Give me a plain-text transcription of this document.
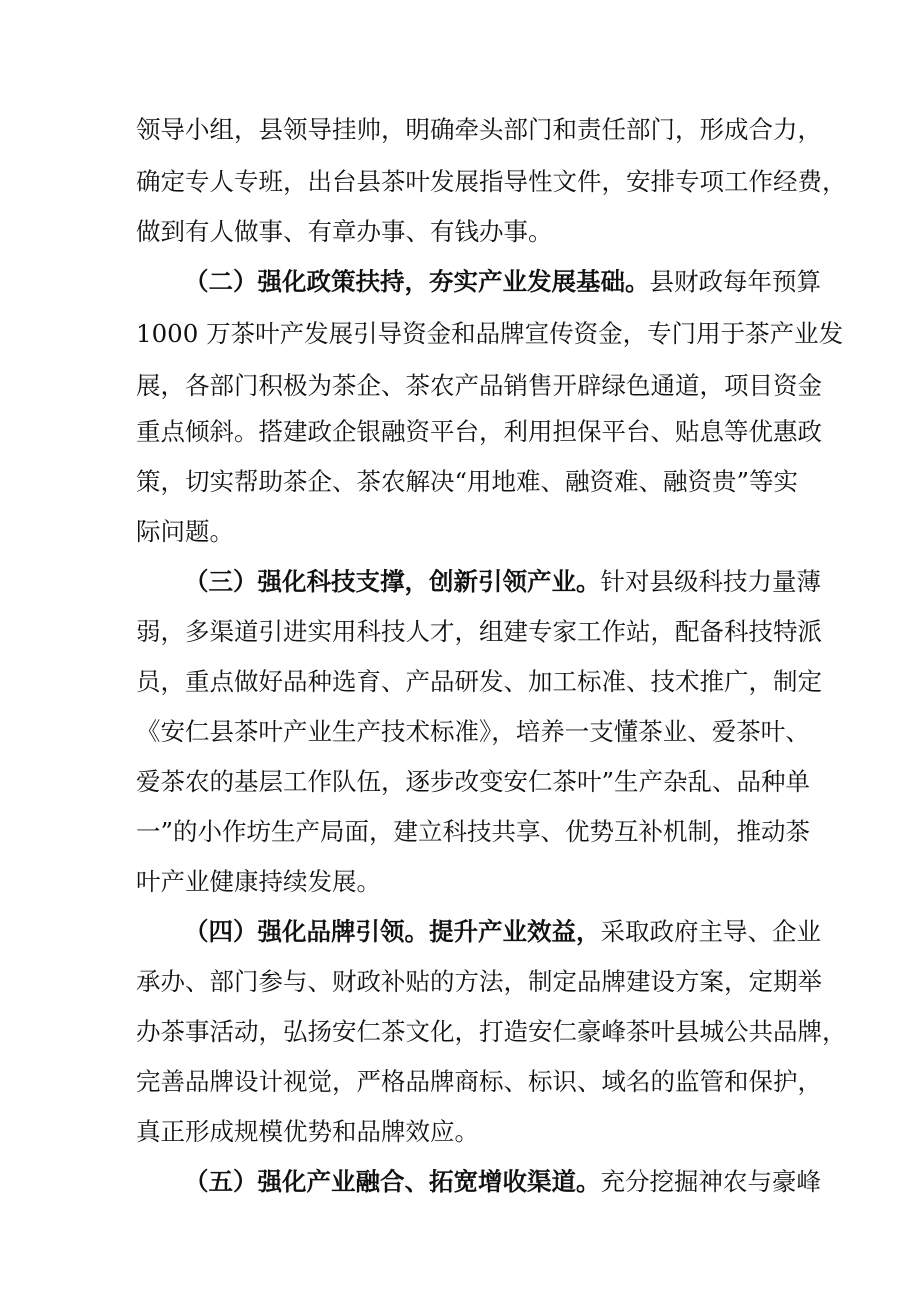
领导小组，县领导挂帅，明确牵头部门和责任部门，形成合力，
确定专人专班，出台县茶叶发展指导性文件，安排专项工作经费，
做到有人做事、有章办事、有钱办事。
（二）强化政策扶持，夯实产业发展基础。县财政每年预算
1000 万茶叶产发展引导资金和品牌宣传资金，专门用于茶产业发
展，各部门积极为茶企、茶农产品销售开辟绿色通道，项目资金
重点倾斜。搭建政企银融资平台，利用担保平台、贴息等优惠政
策，切实帮助茶企、茶农解决“用地难、融资难、融资贵”等实
际问题。
（三）强化科技支撑，创新引领产业。针对县级科技力量薄
弱，多渠道引进实用科技人才，组建专家工作站，配备科技特派
员，重点做好品种选育、产品研发、加工标准、技术推广，制定
《安仁县茶叶产业生产技术标准》，培养一支懂茶业、爱茶叶、
爱茶农的基层工作队伍，逐步改变安仁茶叶”生产杂乱、品种单
一”的小作坊生产局面，建立科技共享、优势互补机制，推动茶
叶产业健康持续发展。
（四）强化品牌引领。提升产业效益，采取政府主导、企业
承办、部门参与、财政补贴的方法，制定品牌建设方案，定期举
办茶事活动，弘扬安仁茶文化，打造安仁豪峰茶叶县城公共品牌，
完善品牌设计视觉，严格品牌商标、标识、域名的监管和保护，
真正形成规模优势和品牌效应。
（五）强化产业融合、拓宽增收渠道。充分挖掘神农与豪峰
